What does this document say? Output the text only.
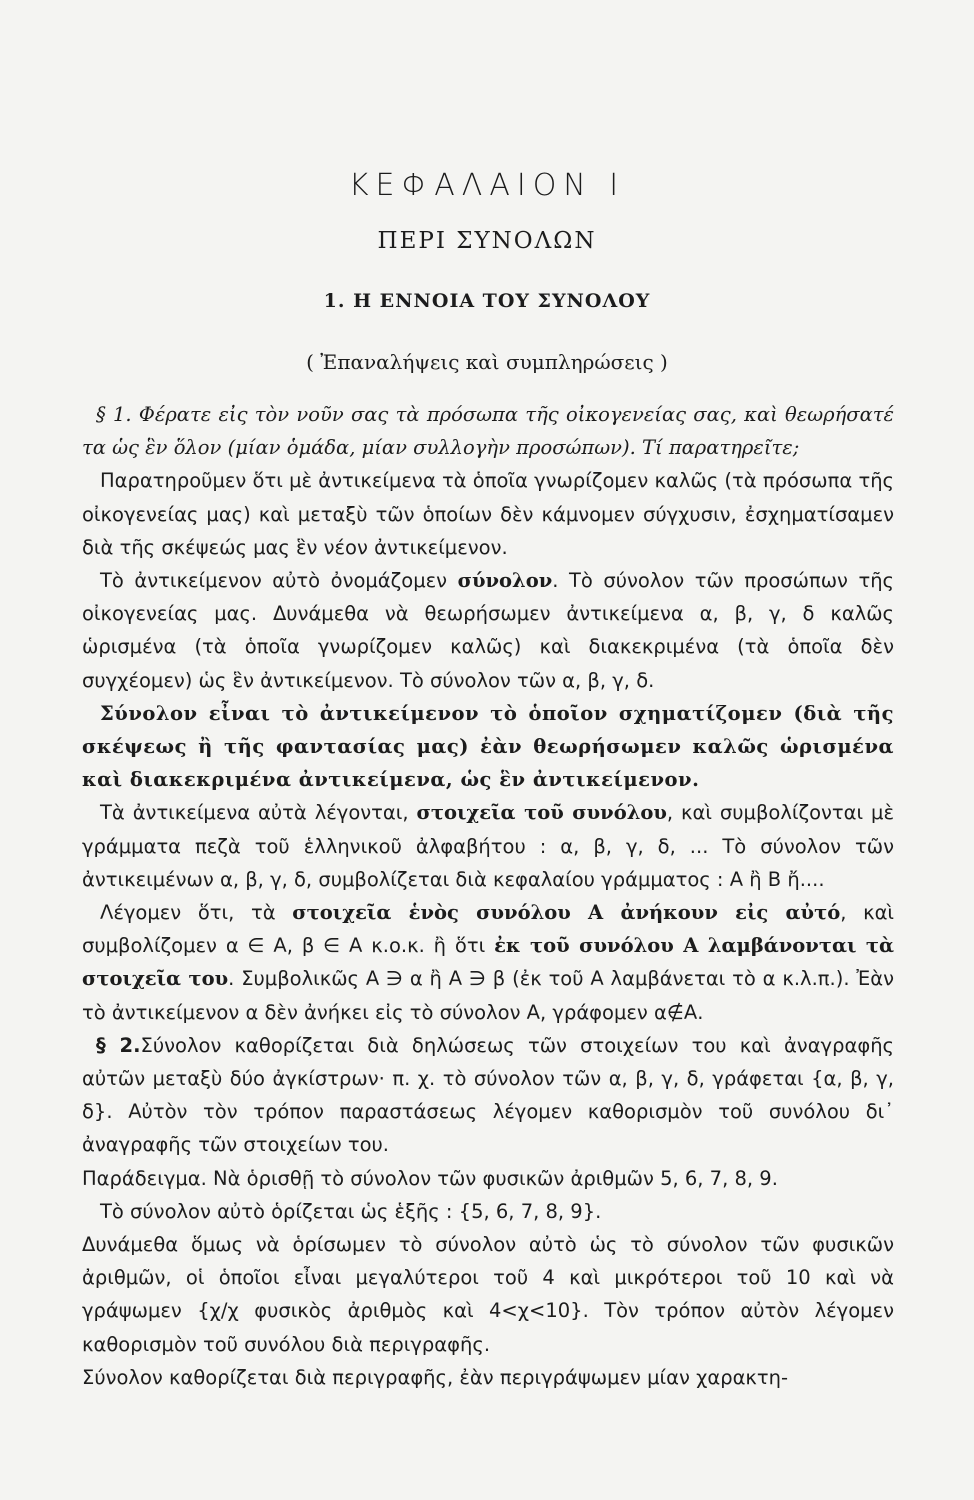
ΚΕΦΑΛΑΙΟΝ Ι
ΠΕΡΙ ΣΥΝΟΛΩΝ
1. Η ΕΝΝΟΙΑ ΤΟΥ ΣΥΝΟΛΟΥ
( Ἐπαναλήψεις καὶ συμπληρώσεις )

§ 1. Φέρατε εἰς τὸν νοῦν σας τὰ πρόσωπα τῆς οἰκογενείας σας, καὶ θεωρήσατέ τα ὡς ἓν ὅλον (μίαν ὁμάδα, μίαν συλλογὴν προσώπων). Τί παρατηρεῖτε;

Παρατηροῦμεν ὅτι μὲ ἀντικείμενα τὰ ὁποῖα γνωρίζομεν καλῶς (τὰ πρόσωπα τῆς οἰκογενείας μας) καὶ μεταξὺ τῶν ὁποίων δὲν κάμνομεν σύγχυσιν, ἐσχηματίσαμεν διὰ τῆς σκέψεώς μας ἓν νέον ἀντικείμενον.

Τὸ ἀντικείμενον αὐτὸ ὀνομάζομεν σύνολον. Τὸ σύνολον τῶν προσώπων τῆς οἰκογενείας μας. Δυνάμεθα νὰ θεωρήσωμεν ἀντικείμενα α, β, γ, δ καλῶς ὡρισμένα (τὰ ὁποῖα γνωρίζομεν καλῶς) καὶ διακεκριμένα (τὰ ὁποῖα δὲν συγχέομεν) ὡς ἓν ἀντικείμενον. Τὸ σύνολον τῶν α, β, γ, δ.

Σύνολον εἶναι τὸ ἀντικείμενον τὸ ὁποῖον σχηματίζομεν (διὰ τῆς σκέψεως ἢ τῆς φαντασίας μας) ἐὰν θεωρήσωμεν καλῶς ὡρισμένα καὶ διακεκριμένα ἀντικείμενα, ὡς ἓν ἀντικείμενον.

Τὰ ἀντικείμενα αὐτὰ λέγονται, στοιχεῖα τοῦ συνόλου, καὶ συμβολίζονται μὲ γράμματα πεζὰ τοῦ ἑλληνικοῦ ἀλφαβήτου : α, β, γ, δ, ... Τὸ σύνολον τῶν ἀντικειμένων α, β, γ, δ, συμβολίζεται διὰ κεφαλαίου γράμματος : Α ἢ Β ἤ....

Λέγομεν ὅτι, τὰ στοιχεῖα ἑνὸς συνόλου Α ἀνήκουν εἰς αὐτό, καὶ συμβολίζομεν α ∈ Α, β ∈ Α κ.ο.κ. ἢ ὅτι ἐκ τοῦ συνόλου Α λαμβάνονται τὰ στοιχεῖα του. Συμβολικῶς Α ∋ α ἢ Α ∋ β (ἐκ τοῦ Α λαμβάνεται τὸ α κ.λ.π.). Ἐὰν τὸ ἀντικείμενον α δὲν ἀνήκει εἰς τὸ σύνολον Α, γράφομεν α∉Α.

§ 2.Σύνολον καθορίζεται διὰ δηλώσεως τῶν στοιχείων του καὶ ἀναγραφῆς αὐτῶν μεταξὺ δύο ἀγκίστρων· π. χ. τὸ σύνολον τῶν α, β, γ, δ, γράφεται {α, β, γ, δ}. Αὐτὸν τὸν τρόπον παραστάσεως λέγομεν καθορισμὸν τοῦ συνόλου δι᾽ ἀναγραφῆς τῶν στοιχείων του.

Παράδειγμα. Νὰ ὁρισθῇ τὸ σύνολον τῶν φυσικῶν ἀριθμῶν 5, 6, 7, 8, 9.

Τὸ σύνολον αὐτὸ ὁρίζεται ὡς ἑξῆς : {5, 6, 7, 8, 9}.

Δυνάμεθα ὅμως νὰ ὁρίσωμεν τὸ σύνολον αὐτὸ ὡς τὸ σύνολον τῶν φυσικῶν ἀριθμῶν, οἱ ὁποῖοι εἶναι μεγαλύτεροι τοῦ 4 καὶ μικρότεροι τοῦ 10 καὶ νὰ γράψωμεν {χ/χ φυσικὸς ἀριθμὸς καὶ 4<χ<10}. Τὸν τρόπον αὐτὸν λέγομεν καθορισμὸν τοῦ συνόλου διὰ περιγραφῆς.

Σύνολον καθορίζεται διὰ περιγραφῆς, ἐὰν περιγράψωμεν μίαν χαρακτη-
